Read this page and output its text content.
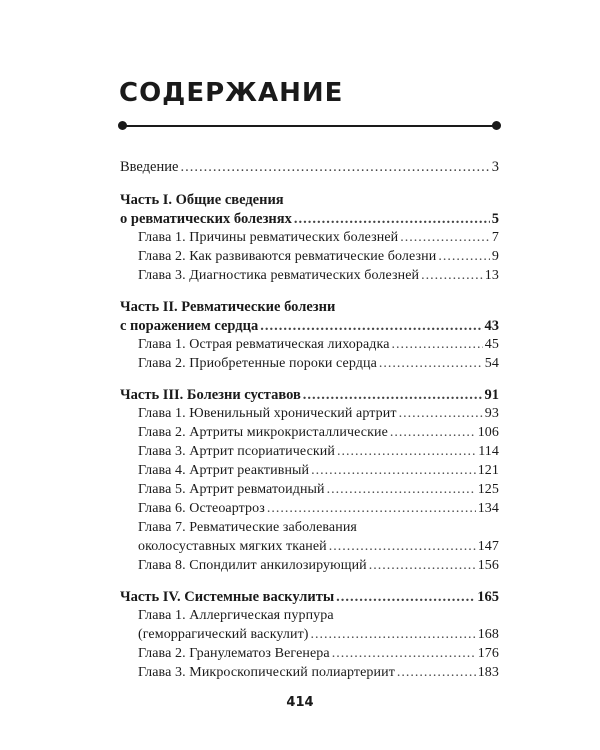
СОДЕРЖАНИЕ
Введение .....	3
Часть I. Общие сведения
о ревматических болезнях .....	5
Глава 1. Причины ревматических болезней .....	7
Глава 2. Как развиваются ревматические болезни .....	9
Глава 3. Диагностика ревматических болезней .....	13
Часть II. Ревматические болезни
с поражением сердца .....	43
Глава 1. Острая ревматическая лихорадка .....	45
Глава 2. Приобретенные пороки сердца .....	54
Часть III. Болезни суставов .....	91
Глава 1. Ювенильный хронический артрит .....	93
Глава 2. Артриты микрокристаллические .....	106
Глава 3. Артрит псориатический .....	114
Глава 4. Артрит реактивный .....	121
Глава 5. Артрит ревматоидный .....	125
Глава 6. Остеоартроз .....	134
Глава 7. Ревматические заболевания
околосуставных мягких тканей .....	147
Глава 8. Спондилит анкилозирующий .....	156
Часть IV. Системные васкулиты .....	165
Глава 1. Аллергическая пурпура
(геморрагический васкулит) .....	168
Глава 2. Гранулематоз Вегенера .....	176
Глава 3. Микроскопический полиартериит .....	183
414
